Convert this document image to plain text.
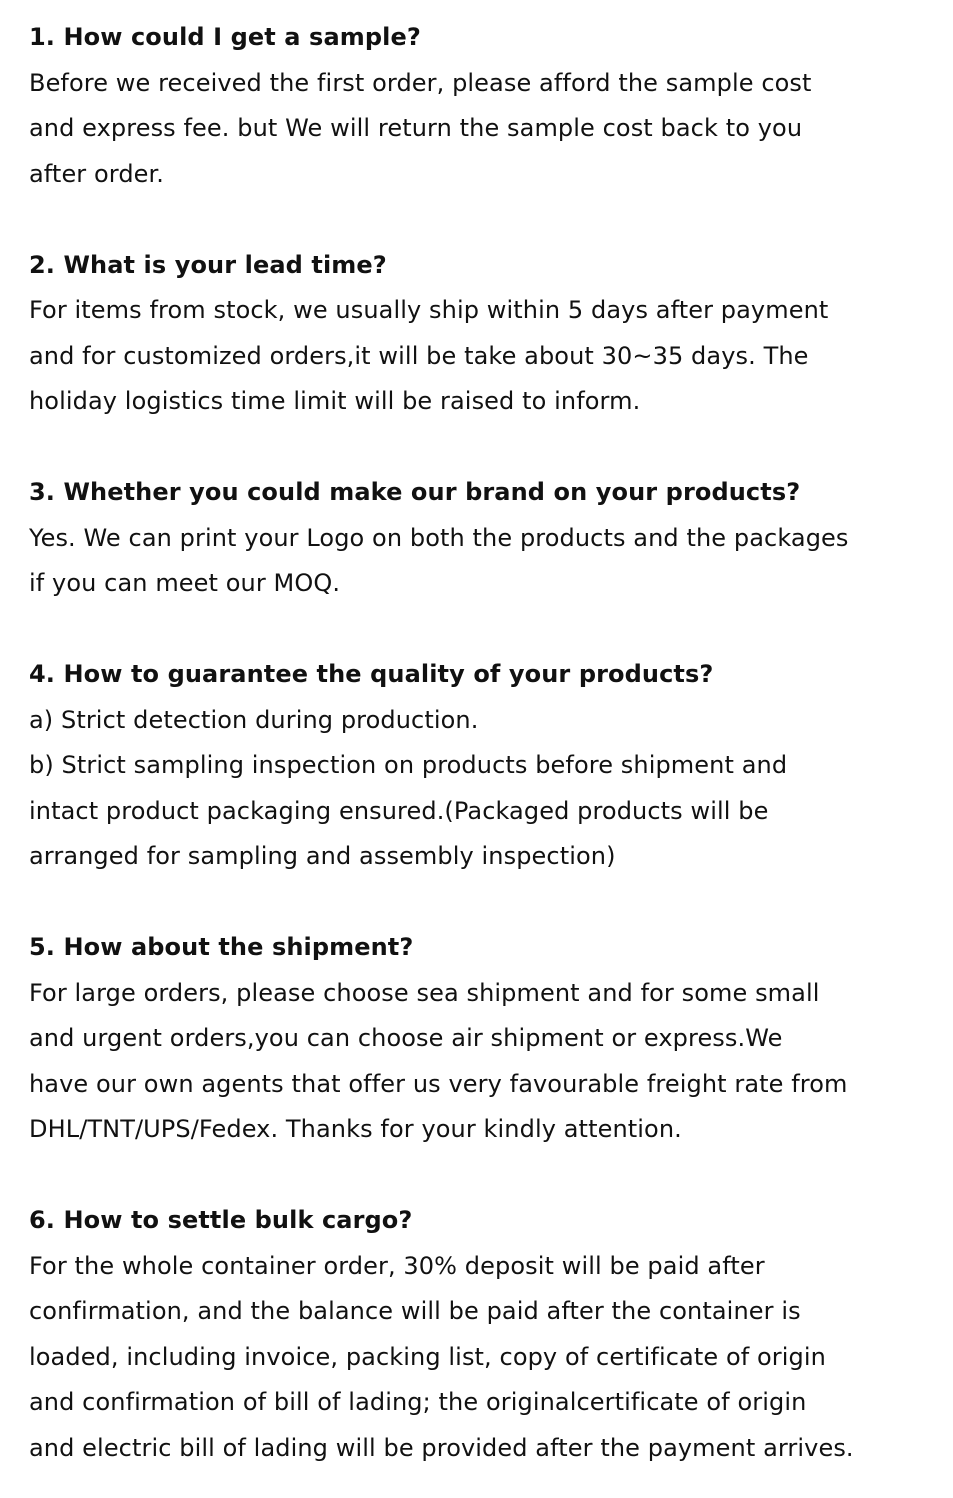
1. How could I get a sample?
Before we received the first order, please afford the sample cost
and express fee. but We will return the sample cost back to you
after order.
2. What is your lead time?
For items from stock, we usually ship within 5 days after payment
and for customized orders,it will be take about 30~35 days. The
holiday logistics time limit will be raised to inform.
3. Whether you could make our brand on your products?
Yes. We can print your Logo on both the products and the packages
if you can meet our MOQ.
4. How to guarantee the quality of your products?
a) Strict detection during production.
b) Strict sampling inspection on products before shipment and
intact product packaging ensured.(Packaged products will be
arranged for sampling and assembly inspection)
5. How about the shipment?
For large orders, please choose sea shipment and for some small
and urgent orders,you can choose air shipment or express.We
have our own agents that offer us very favourable freight rate from
DHL/TNT/UPS/Fedex. Thanks for your kindly attention.
6. How to settle bulk cargo?
For the whole container order, 30% deposit will be paid after
confirmation, and the balance will be paid after the container is
loaded, including invoice, packing list, copy of certificate of origin
and confirmation of bill of lading; the originalcertificate of origin
and electric bill of lading will be provided after the payment arrives.
